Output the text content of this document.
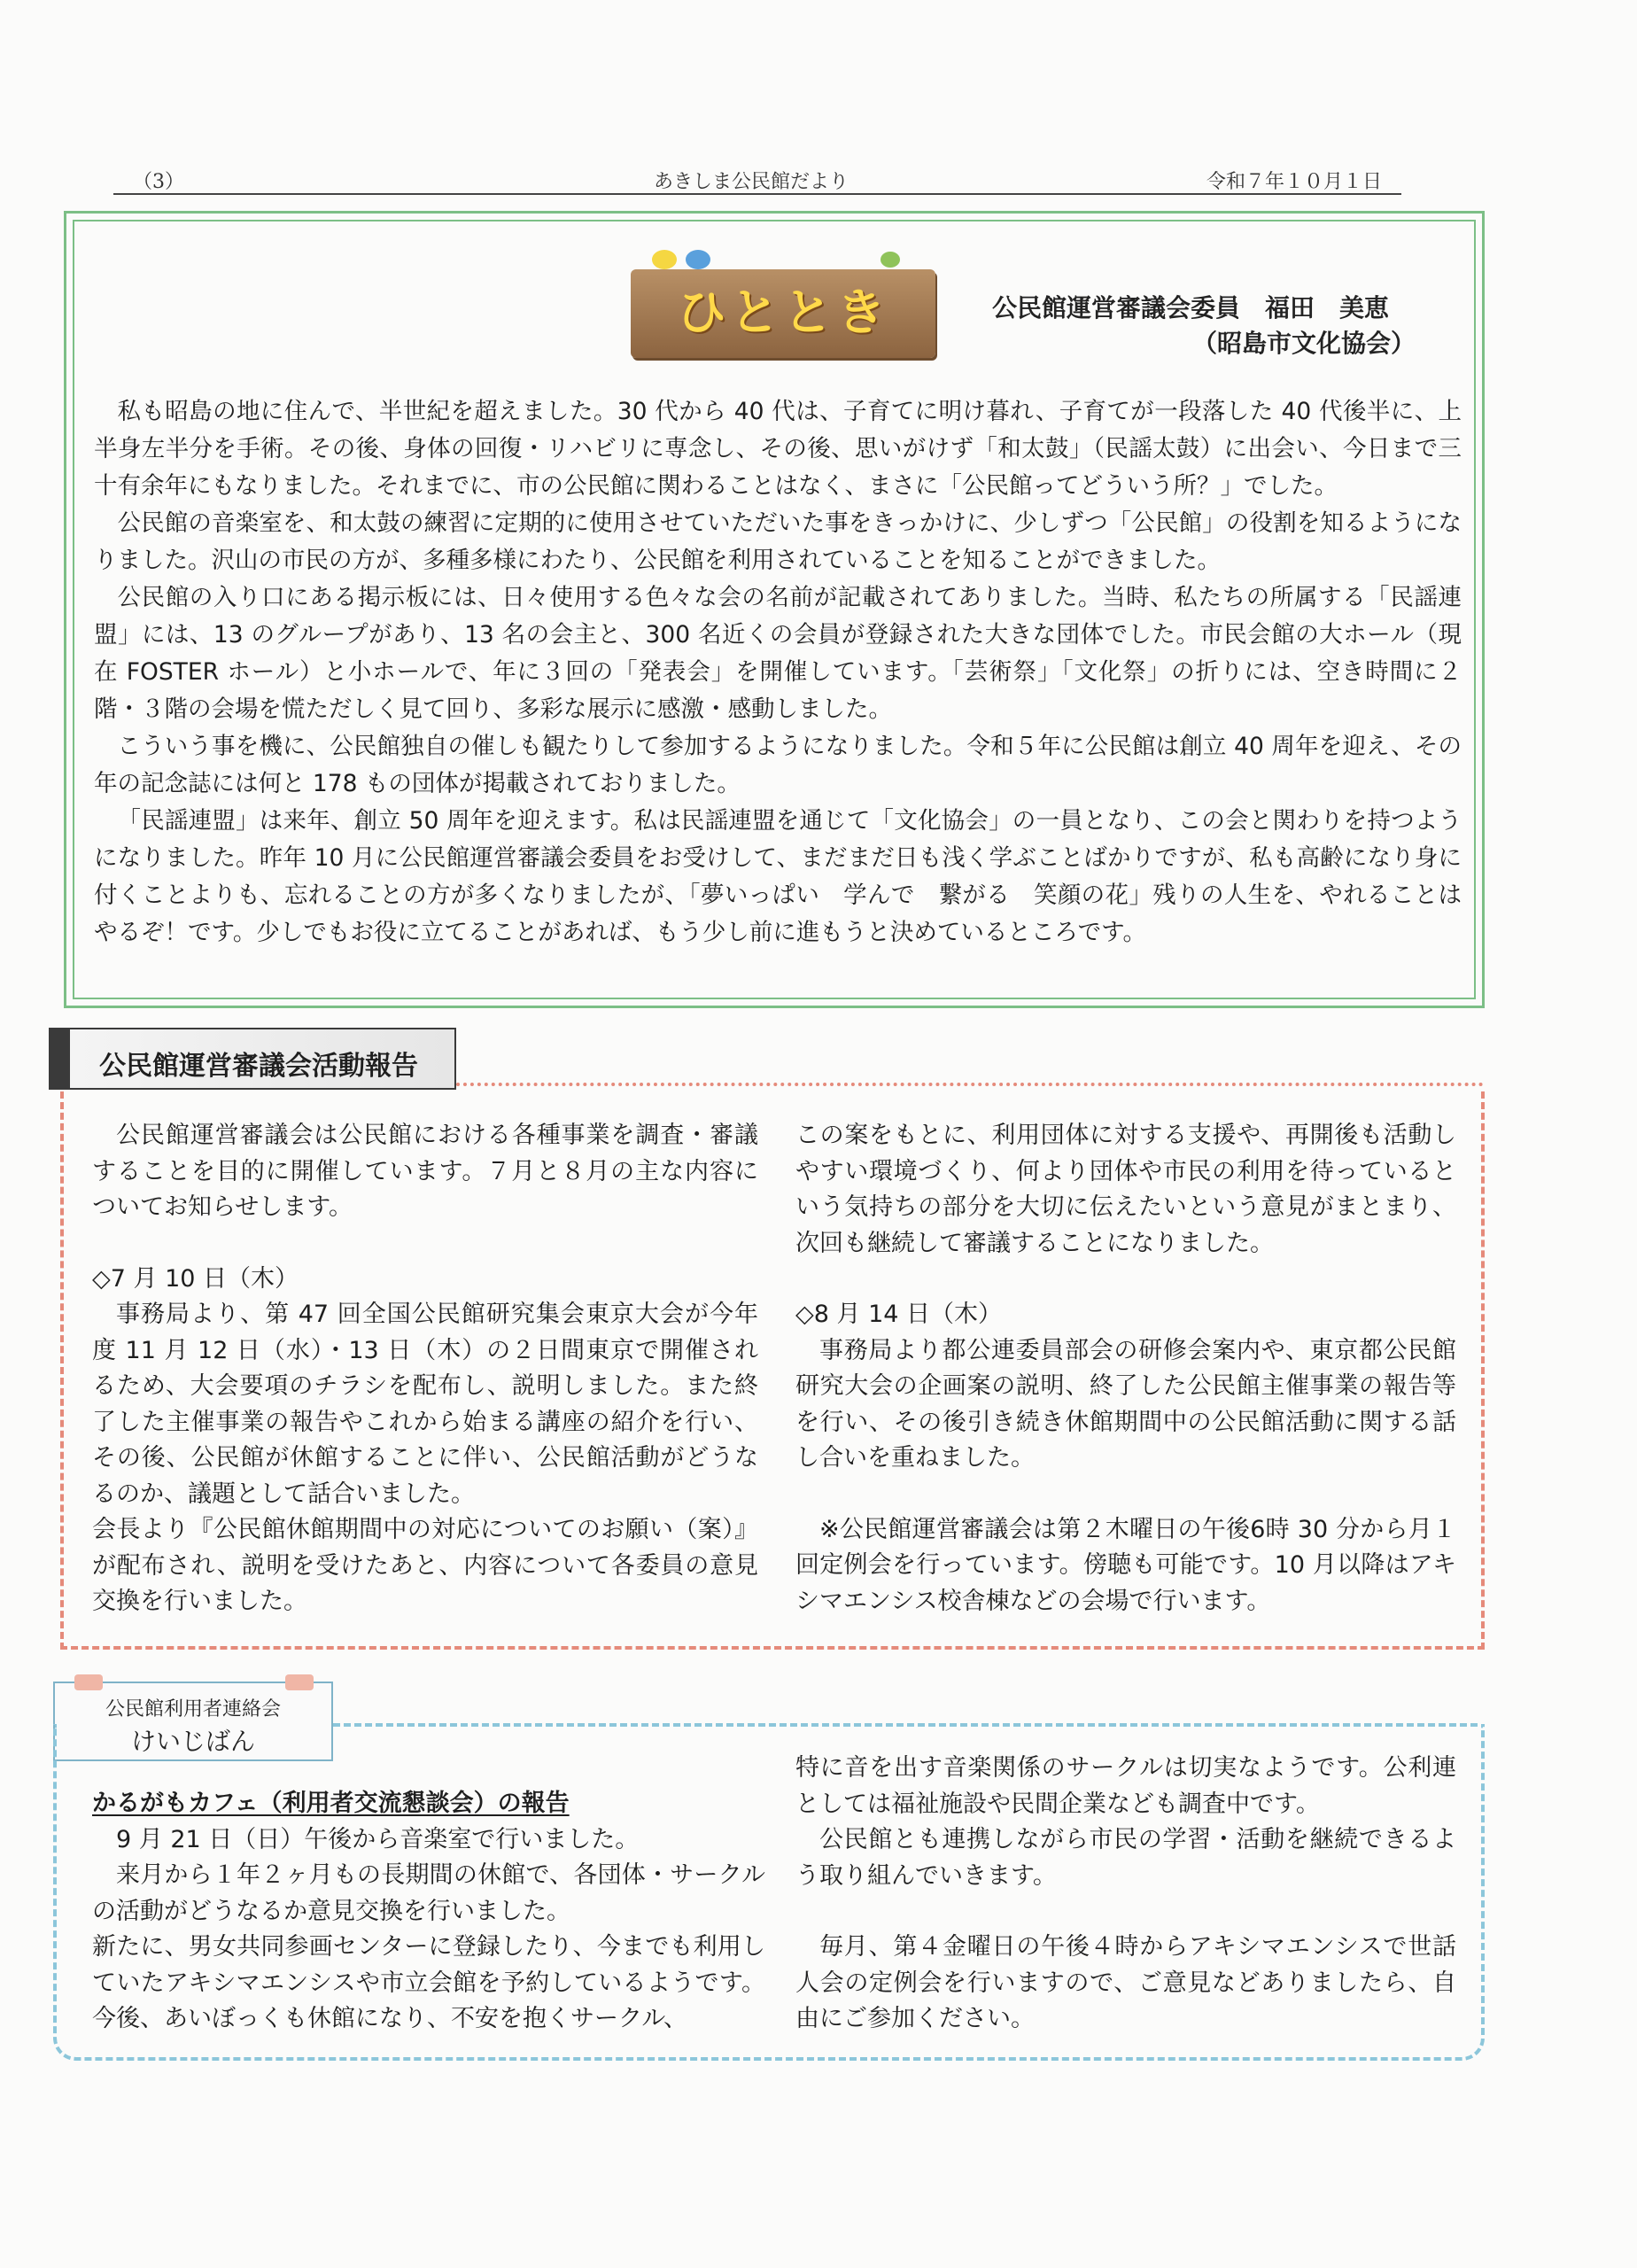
（3）	あきしま公民館だより	令和７年１０月１日
ひととき	公民館運営審議会委員　福田　美恵
（昭島市文化協会）

私も昭島の地に住んで、半世紀を超えました。30 代から 40 代は、子育てに明け暮れ、子育てが一段落した 40 代後半に、上半身左半分を手術。その後、身体の回復・リハビリに専念し、その後、思いがけず「和太鼓」（民謡太鼓）に出会い、今日まで三十有余年にもなりました。それまでに、市の公民館に関わることはなく、まさに「公民館ってどういう所？」でした。

公民館の音楽室を、和太鼓の練習に定期的に使用させていただいた事をきっかけに、少しずつ「公民館」の役割を知るようになりました。沢山の市民の方が、多種多様にわたり、公民館を利用されていることを知ることができました。

公民館の入り口にある掲示板には、日々使用する色々な会の名前が記載されてありました。当時、私たちの所属する「民謡連盟」には、13 のグループがあり、13 名の会主と、300 名近くの会員が登録された大きな団体でした。市民会館の大ホール（現在 FOSTER ホール）と小ホールで、年に３回の「発表会」を開催しています。「芸術祭」「文化祭」の折りには、空き時間に２階・３階の会場を慌ただしく見て回り、多彩な展示に感激・感動しました。

こういう事を機に、公民館独自の催しも観たりして参加するようになりました。令和５年に公民館は創立 40 周年を迎え、その年の記念誌には何と 178 もの団体が掲載されておりました。

「民謡連盟」は来年、創立 50 周年を迎えます。私は民謡連盟を通じて「文化協会」の一員となり、この会と関わりを持つようになりました。昨年 10 月に公民館運営審議会委員をお受けして、まだまだ日も浅く学ぶことばかりですが、私も高齢になり身に付くことよりも、忘れることの方が多くなりましたが、「夢いっぱい　学んで　繋がる　笑顔の花」残りの人生を、やれることはやるぞ！です。少しでもお役に立てることがあれば、もう少し前に進もうと決めているところです。

公民館運営審議会活動報告

公民館運営審議会は公民館における各種事業を調査・審議することを目的に開催しています。７月と８月の主な内容についてお知らせします。

◇7 月 10 日（木）

事務局より、第 47 回全国公民館研究集会東京大会が今年度 11 月 12 日（水）・13 日（木）の２日間東京で開催されるため、大会要項のチラシを配布し、説明しました。また終了した主催事業の報告やこれから始まる講座の紹介を行い、その後、公民館が休館することに伴い、公民館活動がどうなるのか、議題として話合いました。

会長より『公民館休館期間中の対応についてのお願い（案）』が配布され、説明を受けたあと、内容について各委員の意見交換を行いました。

この案をもとに、利用団体に対する支援や、再開後も活動しやすい環境づくり、何より団体や市民の利用を待っているという気持ちの部分を大切に伝えたいという意見がまとまり、次回も継続して審議することになりました。

◇8 月 14 日（木）

事務局より都公連委員部会の研修会案内や、東京都公民館研究大会の企画案の説明、終了した公民館主催事業の報告等を行い、その後引き続き休館期間中の公民館活動に関する話し合いを重ねました。

※公民館運営審議会は第２木曜日の午後6時 30 分から月１回定例会を行っています。傍聴も可能です。10 月以降はアキシマエンシス校舎棟などの会場で行います。

公民館利用者連絡会
けいじばん

かるがもカフェ（利用者交流懇談会）の報告

9 月 21 日（日）午後から音楽室で行いました。

来月から１年２ヶ月もの長期間の休館で、各団体・サークルの活動がどうなるか意見交換を行いました。

新たに、男女共同参画センターに登録したり、今までも利用していたアキシマエンシスや市立会館を予約しているようです。今後、あいぼっくも休館になり、不安を抱くサークル、

特に音を出す音楽関係のサークルは切実なようです。公利連としては福祉施設や民間企業なども調査中です。

公民館とも連携しながら市民の学習・活動を継続できるよう取り組んでいきます。

毎月、第４金曜日の午後４時からアキシマエンシスで世話人会の定例会を行いますので、ご意見などありましたら、自由にご参加ください。
